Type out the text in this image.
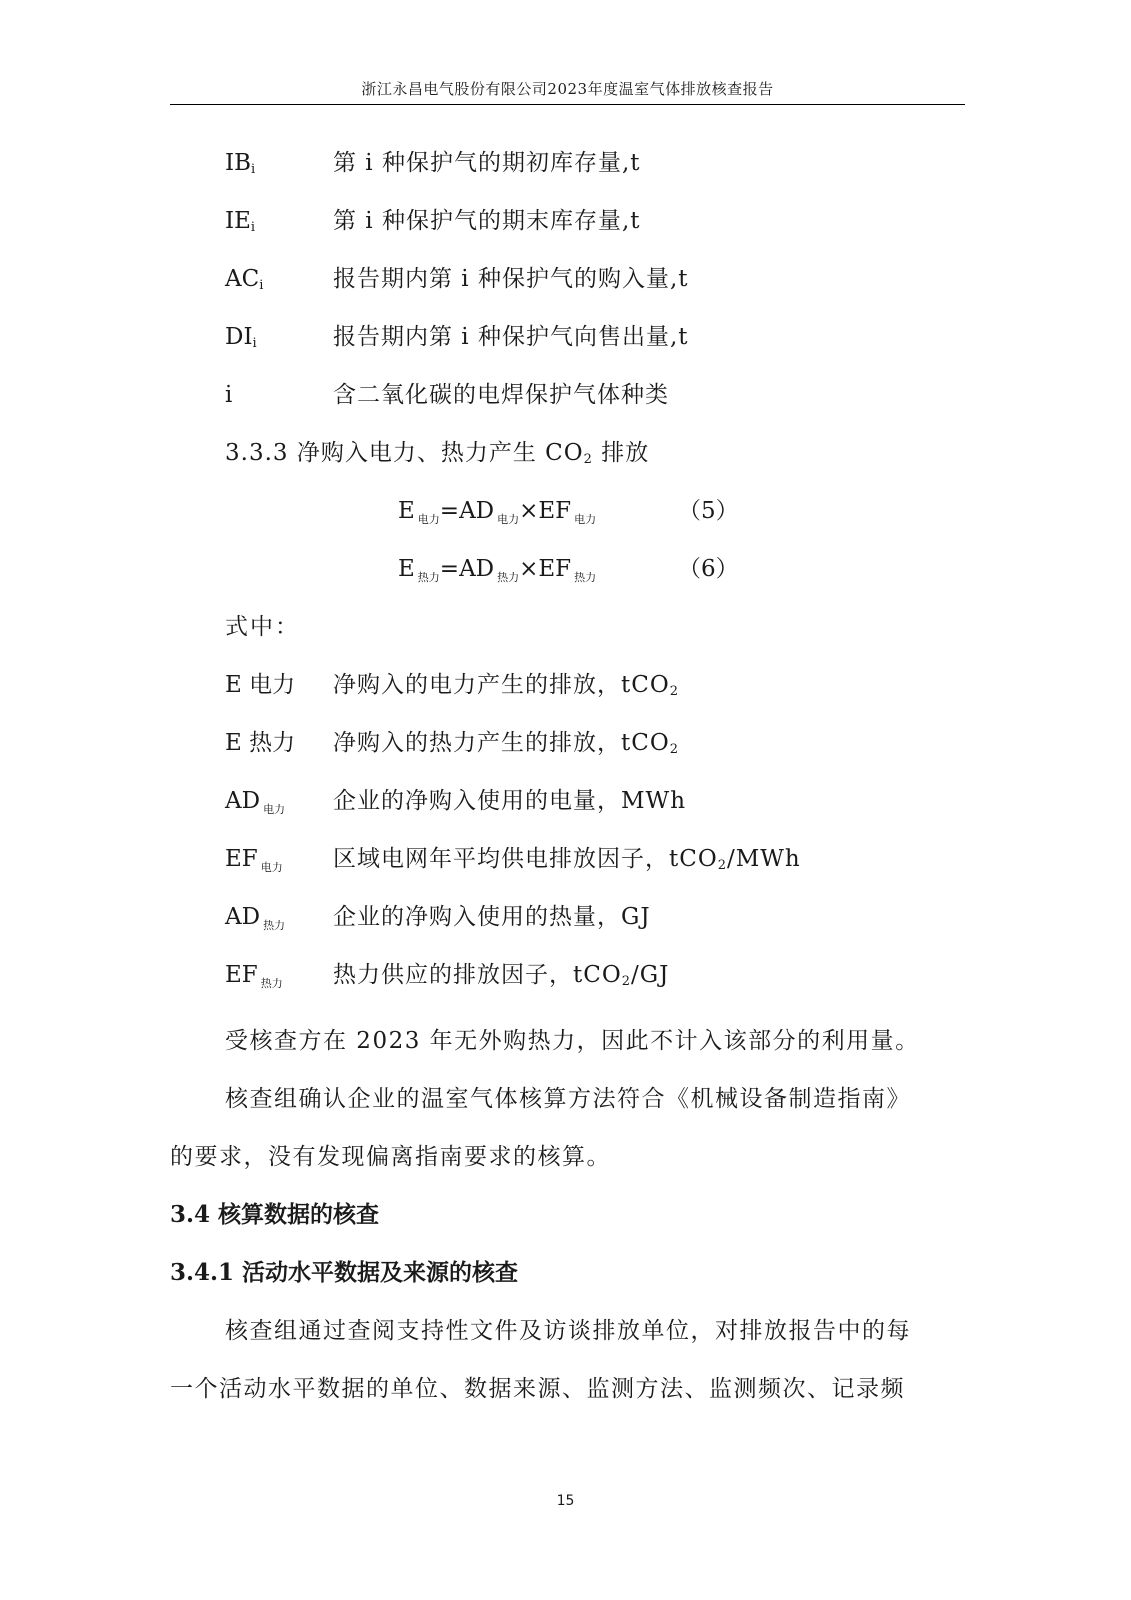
浙江永昌电气股份有限公司2023年度温室气体排放核查报告
$IB_i$	第 i 种保护气的期初库存量,t
$IE_i$	第 i 种保护气的期末库存量,t
$AC_i$	报告期内第 i 种保护气的购入量,t
$DI_i$	报告期内第 i 种保护气向售出量,t
i	含二氧化碳的电焊保护气体种类
3.3.3 净购入电力、热力产生 $CO_2$ 排放
E $_{电力}$=AD $_{电力}$×EF $_{电力}$	（5）
E $_{热力}$=AD $_{热力}$×EF $_{热力}$	（6）
式中：
E 电力 净购入的电力产生的排放，tCO$_2$
E 热力 净购入的热力产生的排放，tCO$_2$
AD $_{电力}$ 企业的净购入使用的电量，MWh
EF $_{电力}$ 区域电网年平均供电排放因子，tCO$_2$/MWh
AD $_{热力}$ 企业的净购入使用的热量，GJ
EF $_{热力}$ 热力供应的排放因子，tCO$_2$/GJ
受核查方在 2023 年无外购热力，因此不计入该部分的利用量。
核查组确认企业的温室气体核算方法符合《机械设备制造指南》
的要求，没有发现偏离指南要求的核算。
3.4 核算数据的核查
3.4.1 活动水平数据及来源的核查
核查组通过查阅支持性文件及访谈排放单位，对排放报告中的每
一个活动水平数据的单位、数据来源、监测方法、监测频次、记录频
15
